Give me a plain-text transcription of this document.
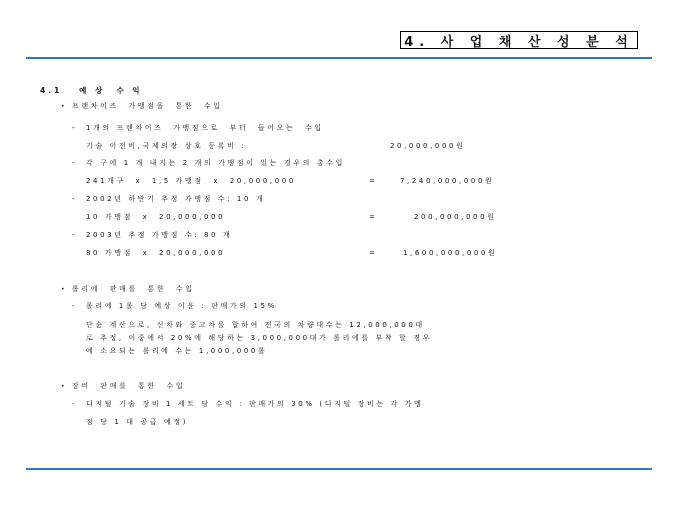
4. 사 업 채 산 성 분 석
4.1   예 상  수 익
• 프랜차이즈  가맹점을  통한  수입
- 1개의 프랜차이즈  가맹점으로  부터  들어오는  수입
기술 이전비,국제의장 상호 등록비 :	20,000,000원
- 각 구에 1 개 내지는 2 개의 가맹점이 있는 경우의 총수입
241개구  x  1,5 가맹점  x  20,000,000	=	7,240,000,000원
- 2002년 하반기 추정 가맹점 수: 10 개
10 가맹점  x  20,000,000	=	200,000,000원
- 2003년 추정 가맹점 수: 80 개
80 가맹점  x  20,000,000	=	1,600,000,000원
• 롤리에  판매를  통한  수입
- 롤리에 1롤 당 예상 이윤 : 판매가의 15%
단순 계산으로, 신차와 중고차를 합하여 전국의 차량대수는 12,000,000대
로 추정, 이중에서 20%에 해당하는 3,000,000대가 롤리에를 부착 할 경우
에 소요되는 롤리에 수는 1,000,000롤
• 장비  판매를  통한  수입
- 디지털 기술 장비 1 세트 당 수익 : 판매가의 30% (디지털 장비는 각 가맹
점 당 1 대 공급 예정)
